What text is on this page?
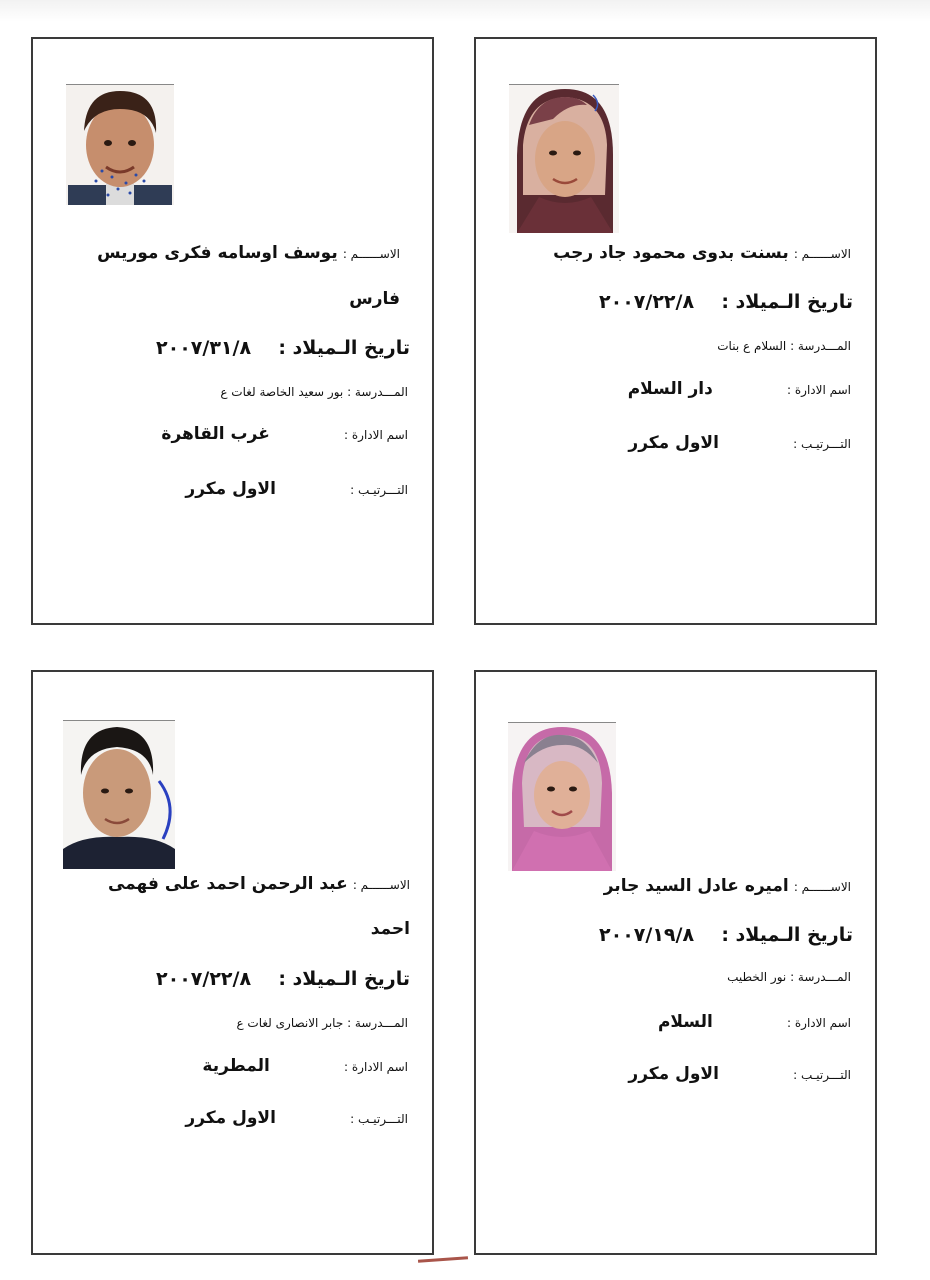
الاســــــم : يوسف اوسامه فكرى موريس
فارس
تاريخ الـميلاد :  ٢٠٠٧/٣١/٨
المـــدرسة : بور سعيد الخاصة لغات ع
اسم الادارة :  غرب القاهرة
التـــرتيـب :  الاول مكرر
الاســــــم : بسنت بدوى محمود جاد رجب
تاريخ الـميلاد :  ٢٠٠٧/٢٢/٨
المـــدرسة : السلام ع بنات
اسم الادارة :  دار السلام
التـــرتيـب :  الاول مكرر
الاســــــم : عبد الرحمن احمد على فهمى
احمد
تاريخ الـميلاد :  ٢٠٠٧/٢٢/٨
المـــدرسة : جابر الانصارى لغات ع
اسم الادارة :  المطرية
التـــرتيـب :  الاول مكرر
الاســــــم : اميره عادل السيد جابر
تاريخ الـميلاد :  ٢٠٠٧/١٩/٨
المـــدرسة : نور الخطيب
اسم الادارة :  السلام
التـــرتيـب :  الاول مكرر
